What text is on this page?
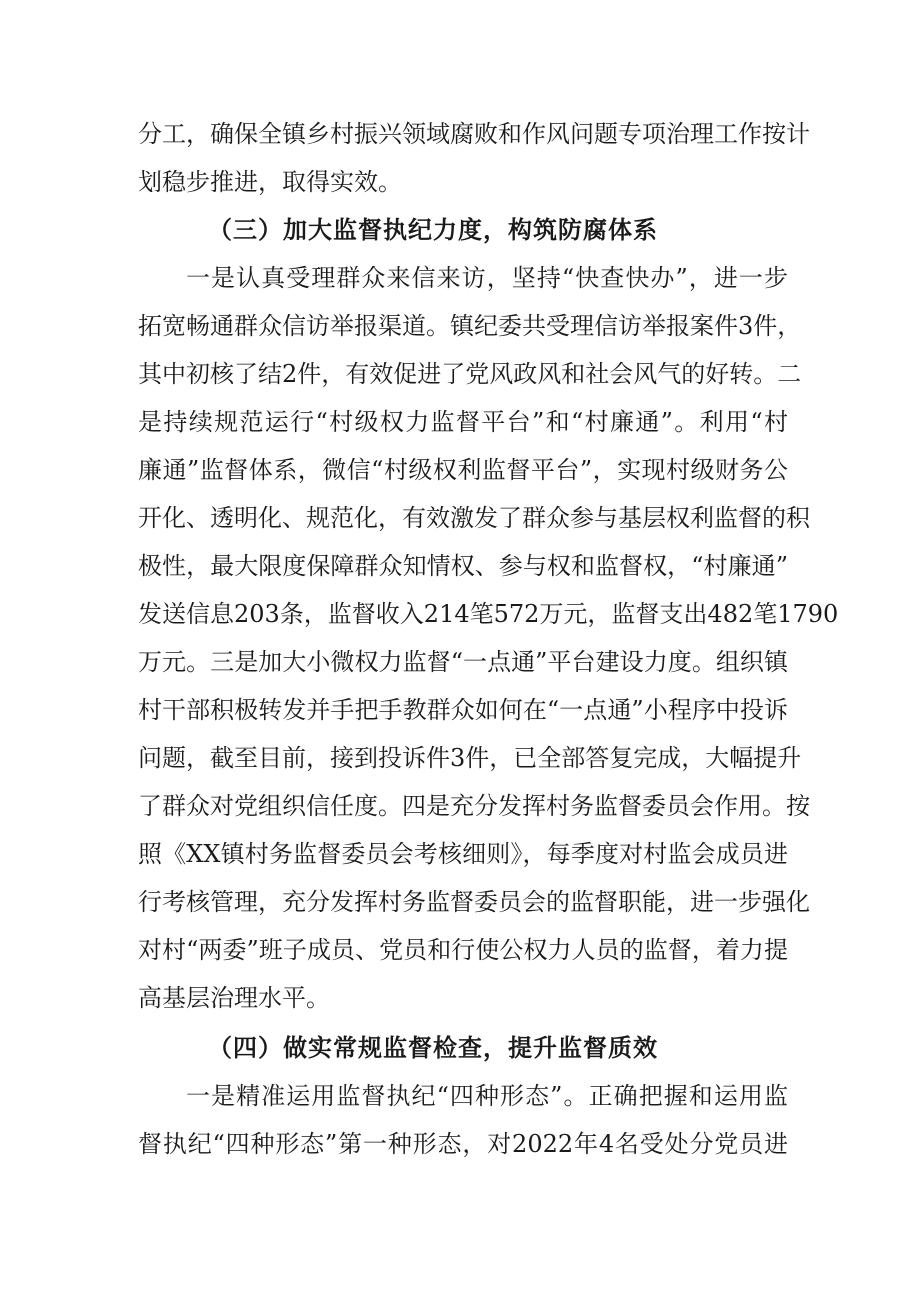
分工，确保全镇乡村振兴领域腐败和作风问题专项治理工作按计
划稳步推进，取得实效。
（三）加大监督执纪力度，构筑防腐体系
一是认真受理群众来信来访，坚持“快查快办”，进一步
拓宽畅通群众信访举报渠道。镇纪委共受理信访举报案件3件，
其中初核了结2件，有效促进了党风政风和社会风气的好转。二
是持续规范运行“村级权力监督平台”和“村廉通”。利用“村
廉通”监督体系，微信“村级权利监督平台”，实现村级财务公
开化、透明化、规范化，有效激发了群众参与基层权利监督的积
极性，最大限度保障群众知情权、参与权和监督权，“村廉通”
发送信息203条，监督收入214笔572万元，监督支出482笔1790
万元。三是加大小微权力监督“一点通”平台建设力度。组织镇
村干部积极转发并手把手教群众如何在“一点通”小程序中投诉
问题，截至目前，接到投诉件3件，已全部答复完成，大幅提升
了群众对党组织信任度。四是充分发挥村务监督委员会作用。按
照《XX镇村务监督委员会考核细则》，每季度对村监会成员进
行考核管理，充分发挥村务监督委员会的监督职能，进一步强化
对村“两委”班子成员、党员和行使公权力人员的监督，着力提
高基层治理水平。
（四）做实常规监督检查，提升监督质效
一是精准运用监督执纪“四种形态”。正确把握和运用监
督执纪“四种形态”第一种形态，对2022年4名受处分党员进
